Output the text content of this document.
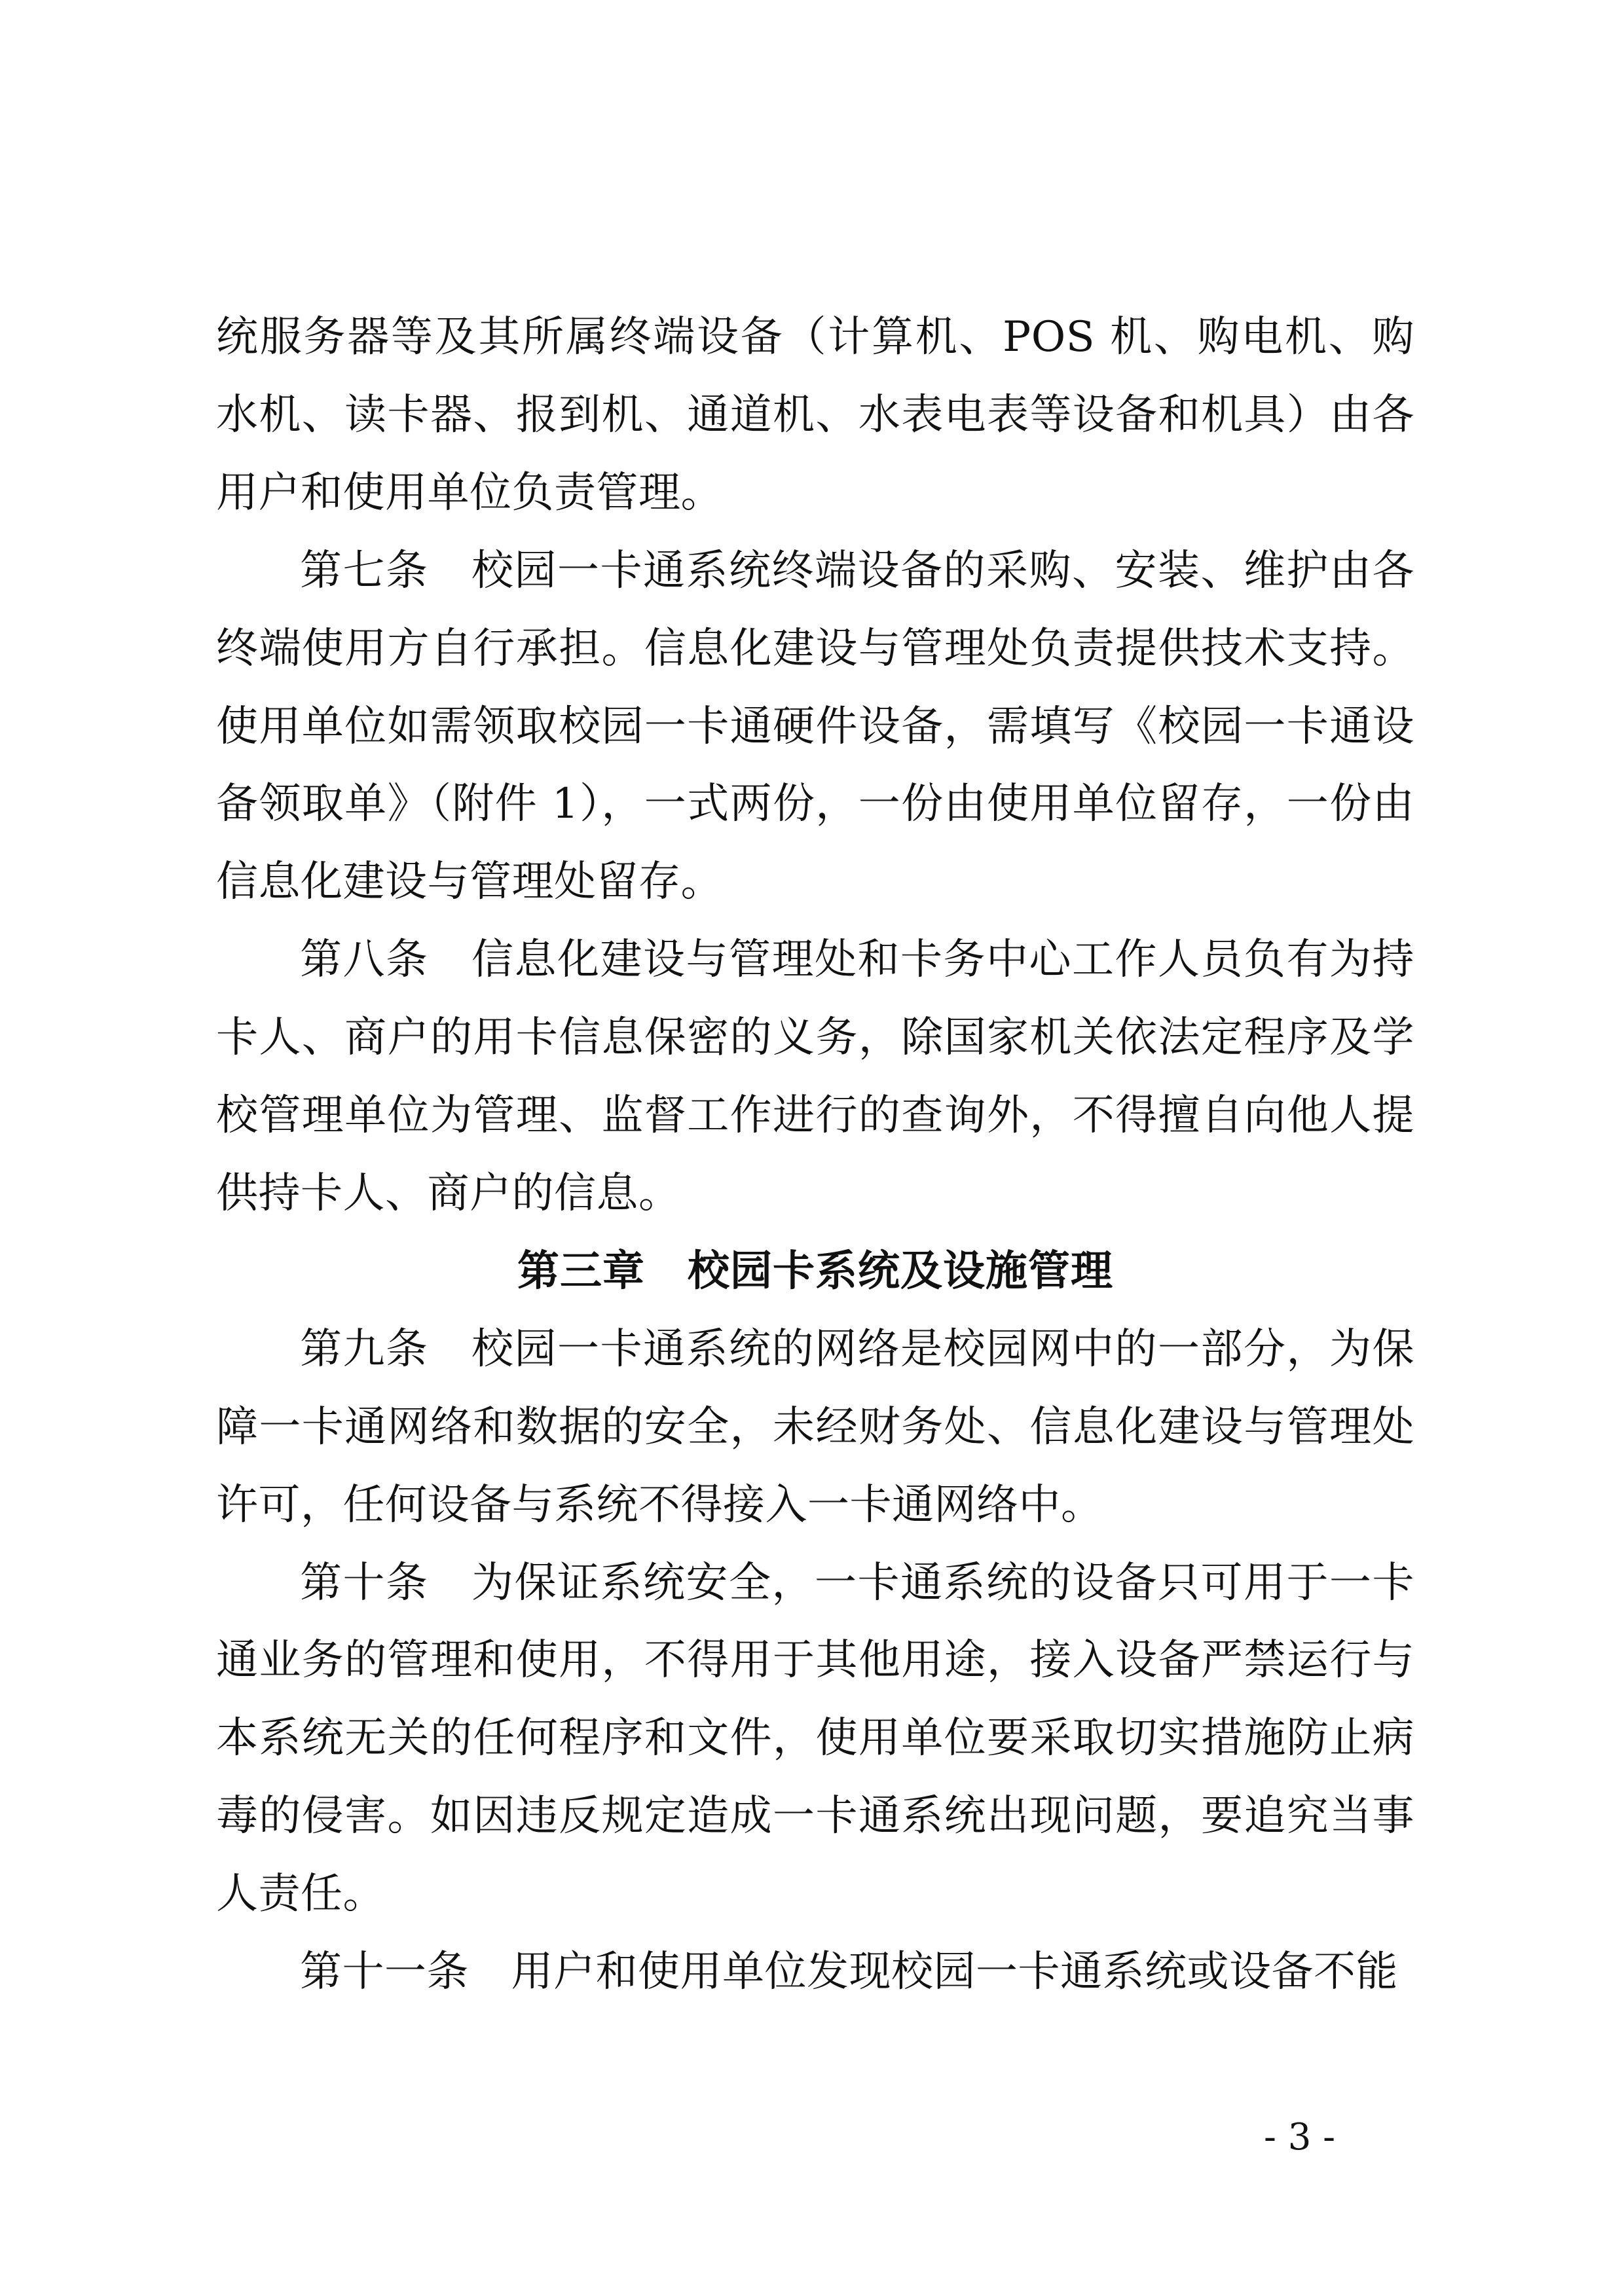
统服务器等及其所属终端设备（计算机、POS 机、购电机、购水机、读卡器、报到机、通道机、水表电表等设备和机具）由各用户和使用单位负责管理。

第七条　校园一卡通系统终端设备的采购、安装、维护由各终端使用方自行承担。信息化建设与管理处负责提供技术支持。使用单位如需领取校园一卡通硬件设备，需填写《校园一卡通设备领取单》（附件 1），一式两份，一份由使用单位留存，一份由信息化建设与管理处留存。

第八条　信息化建设与管理处和卡务中心工作人员负有为持卡人、商户的用卡信息保密的义务，除国家机关依法定程序及学校管理单位为管理、监督工作进行的查询外，不得擅自向他人提供持卡人、商户的信息。

第三章　校园卡系统及设施管理

第九条　校园一卡通系统的网络是校园网中的一部分，为保障一卡通网络和数据的安全，未经财务处、信息化建设与管理处许可，任何设备与系统不得接入一卡通网络中。

第十条　为保证系统安全，一卡通系统的设备只可用于一卡通业务的管理和使用，不得用于其他用途，接入设备严禁运行与本系统无关的任何程序和文件，使用单位要采取切实措施防止病毒的侵害。如因违反规定造成一卡通系统出现问题，要追究当事人责任。

第十一条　用户和使用单位发现校园一卡通系统或设备不能

- 3 -
